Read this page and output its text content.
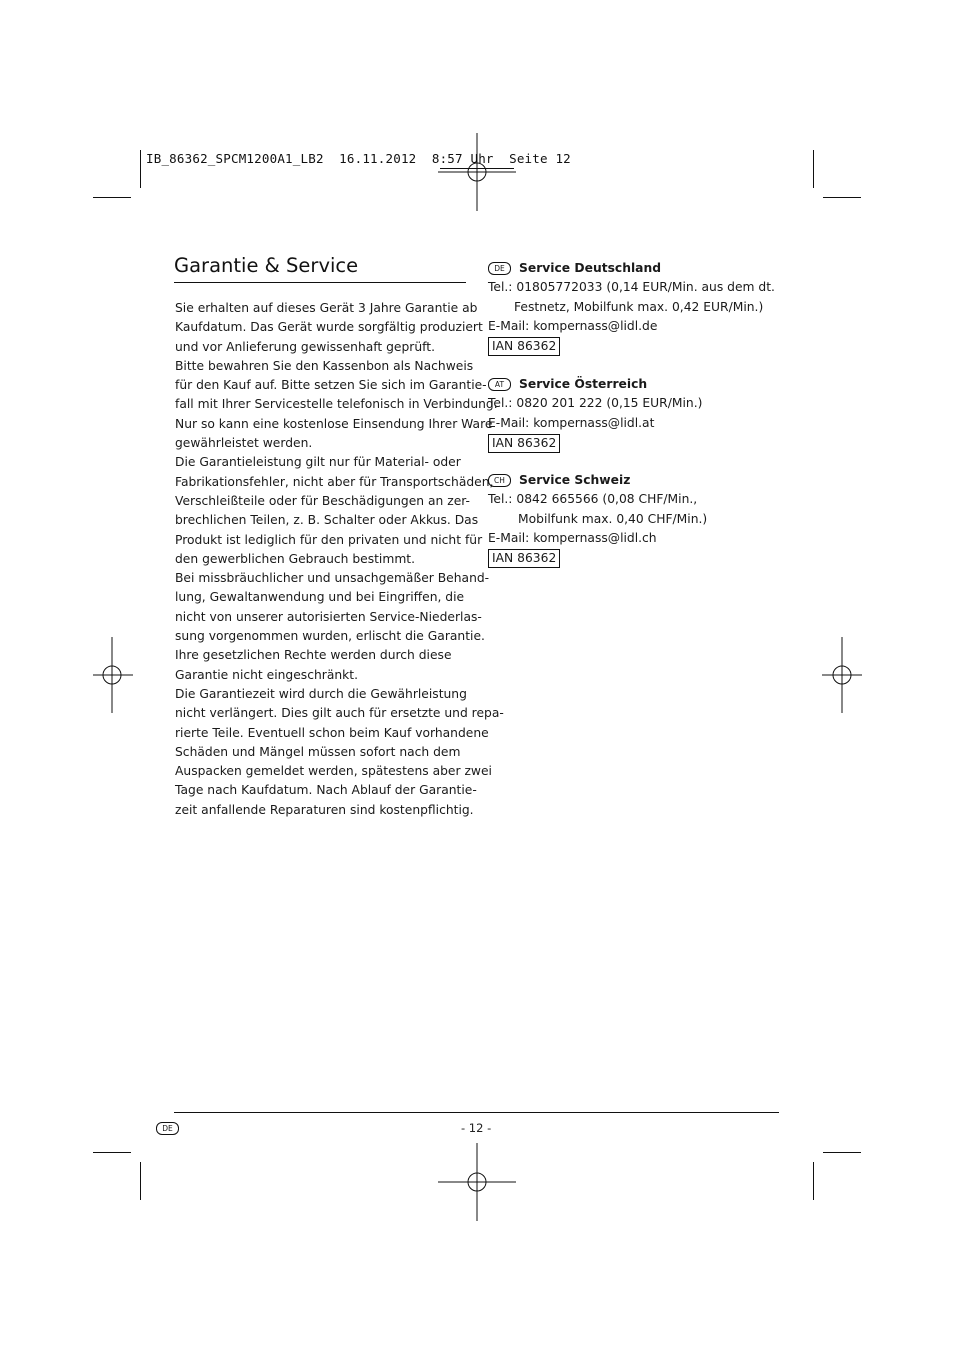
IB_86362_SPCM1200A1_LB2  16.11.2012  8:57 Uhr  Seite 12
Garantie & Service
Sie erhalten auf dieses Gerät 3 Jahre Garantie ab
Kaufdatum. Das Gerät wurde sorgfältig produziert
und vor Anlieferung gewissenhaft geprüft.
Bitte bewahren Sie den Kassenbon als Nachweis
für den Kauf auf. Bitte setzen Sie sich im Garantie-
fall mit Ihrer Servicestelle telefonisch in Verbindung.
Nur so kann eine kostenlose Einsendung Ihrer Ware
gewährleistet werden.
Die Garantieleistung gilt nur für Material- oder
Fabrikationsfehler, nicht aber für Transportschäden,
Verschleißteile oder für Beschädigungen an zer-
brechlichen Teilen, z. B. Schalter oder Akkus. Das
Produkt ist lediglich für den privaten und nicht für
den gewerblichen Gebrauch bestimmt.
Bei missbräuchlicher und unsachgemäßer Behand-
lung, Gewaltanwendung und bei Eingriffen, die
nicht von unserer autorisierten Service-Niederlas-
sung vorgenommen wurden, erlischt die Garantie.
Ihre gesetzlichen Rechte werden durch diese
Garantie nicht eingeschränkt.
Die Garantiezeit wird durch die Gewährleistung
nicht verlängert. Dies gilt auch für ersetzte und repa-
rierte Teile. Eventuell schon beim Kauf vorhandene
Schäden und Mängel müssen sofort nach dem
Auspacken gemeldet werden, spätestens aber zwei
Tage nach Kaufdatum. Nach Ablauf der Garantie-
zeit anfallende Reparaturen sind kostenpflichtig.
DE	Service Deutschland
Tel.: 01805772033 (0,14 EUR/Min. aus dem dt.
Festnetz, Mobilfunk max. 0,42 EUR/Min.)
E-Mail: kompernass@lidl.de
IAN 86362
AT	Service Österreich
Tel.: 0820 201 222 (0,15 EUR/Min.)
E-Mail: kompernass@lidl.at
IAN 86362
CH	Service Schweiz
Tel.: 0842 665566 (0,08 CHF/Min.,
Mobilfunk max. 0,40 CHF/Min.)
E-Mail: kompernass@lidl.ch
IAN 86362
DE	- 12 -
